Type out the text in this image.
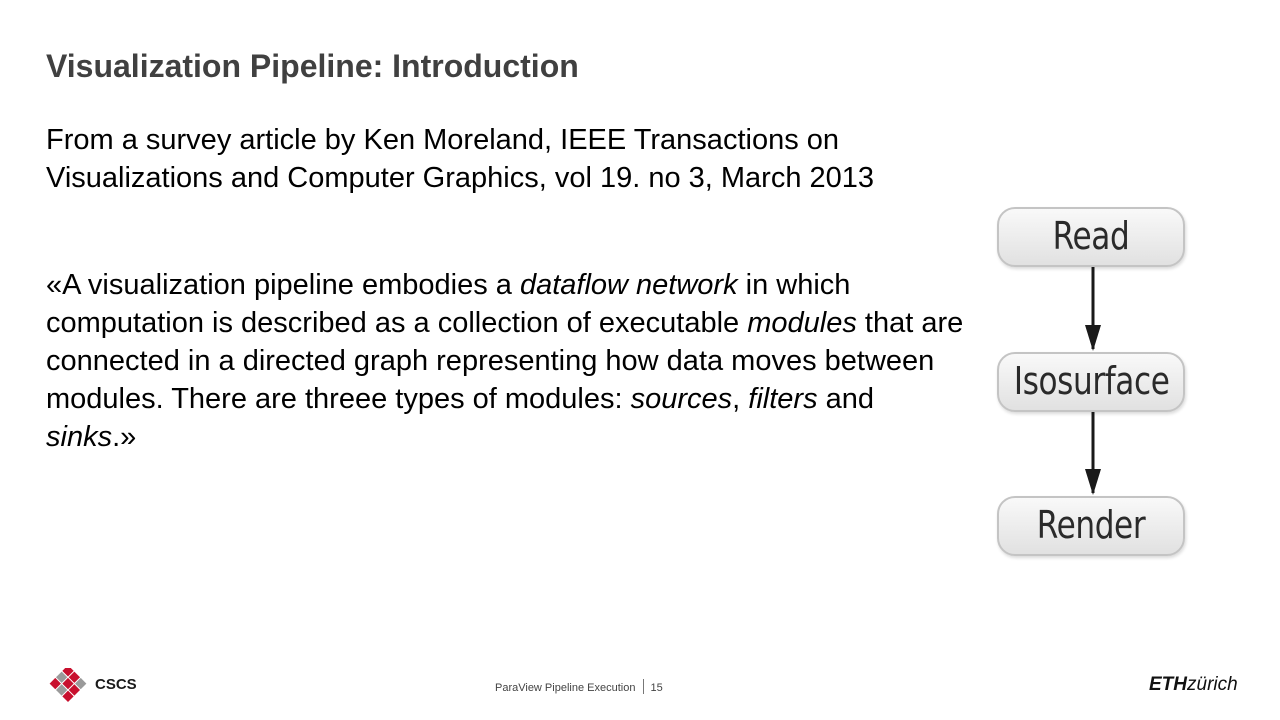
Visualization Pipeline: Introduction

From a survey article by Ken Moreland, IEEE Transactions on
Visualizations and Computer Graphics, vol 19. no 3, March 2013

«A visualization pipeline embodies a dataflow network in which computation is described as a collection of executable modules that are connected in a directed graph representing how data moves between modules. There are threee types of modules: sources, filters and sinks.»

Read
Isosurface
Render
CSCS	ParaView Pipeline Execution 15	ETHzürich
